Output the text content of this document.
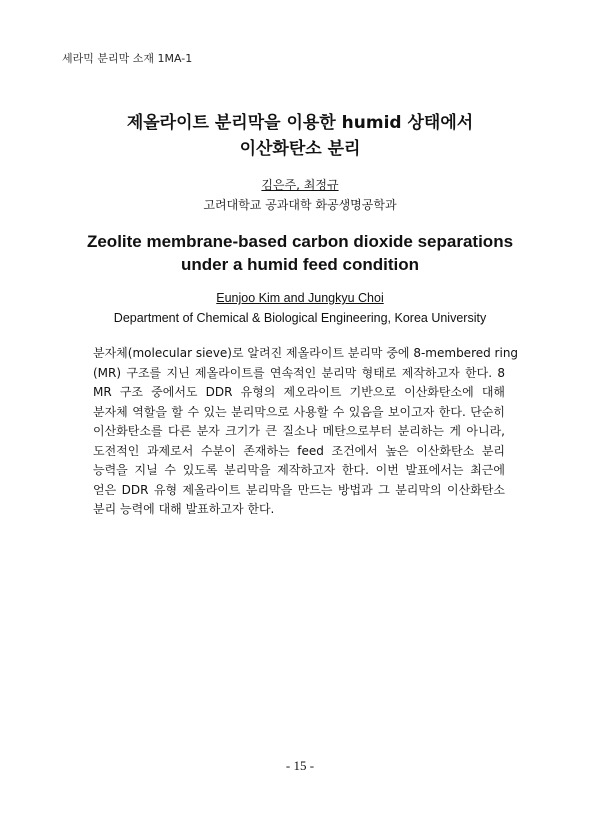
세라믹 분리막 소재 1MA-1
제올라이트 분리막을 이용한 humid 상태에서
이산화탄소 분리
김은주, 최정규
고려대학교 공과대학 화공생명공학과
Zeolite membrane-based carbon dioxide separations
under a humid feed condition
Eunjoo Kim and Jungkyu Choi
Department of Chemical & Biological Engineering, Korea University
분자체(molecular sieve)로 알려진 제올라이트 분리막 중에 8-membered ring
(MR) 구조를 지닌 제올라이트를 연속적인 분리막 형태로 제작하고자 한다. 8
MR 구조 중에서도 DDR 유형의 제오라이트 기반으로 이산화탄소에 대해
분자체 역할을 할 수 있는 분리막으로 사용할 수 있음을 보이고자 한다. 단순히
이산화탄소를 다른 분자 크기가 큰 질소나 메탄으로부터 분리하는 게 아니라,
도전적인 과제로서 수분이 존재하는 feed 조건에서 높은 이산화탄소 분리
능력을 지닐 수 있도록 분리막을 제작하고자 한다. 이번 발표에서는 최근에
얻은 DDR 유형 제올라이트 분리막을 만드는 방법과 그 분리막의 이산화탄소
분리 능력에 대해 발표하고자 한다.
- 15 -
